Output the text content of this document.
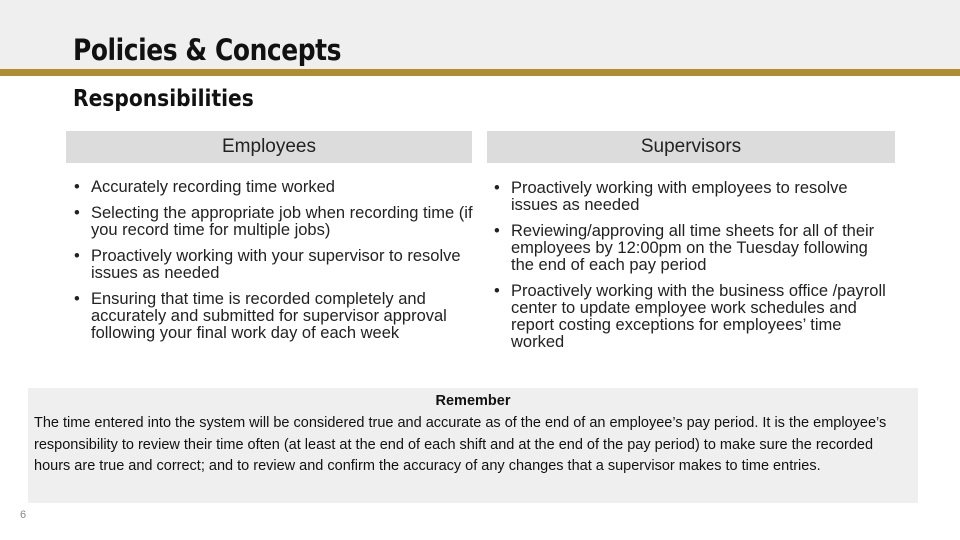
Policies & Concepts
Responsibilities
Employees	Supervisors
• Accurately recording time worked
• Selecting the appropriate job when recording time (if you record time for multiple jobs)
• Proactively working with your supervisor to resolve issues as needed
• Ensuring that time is recorded completely and accurately and submitted for supervisor approval following your final work day of each week
• Proactively working with employees to resolve issues as needed
• Reviewing/approving all time sheets for all of their employees by 12:00pm on the Tuesday following the end of each pay period
• Proactively working with the business office /payroll center to update employee work schedules and report costing exceptions for employees’ time worked
Remember
The time entered into the system will be considered true and accurate as of the end of an employee’s pay period. It is the employee’s responsibility to review their time often (at least at the end of each shift and at the end of the pay period) to make sure the recorded hours are true and correct; and to review and confirm the accuracy of any changes that a supervisor makes to time entries.
6
